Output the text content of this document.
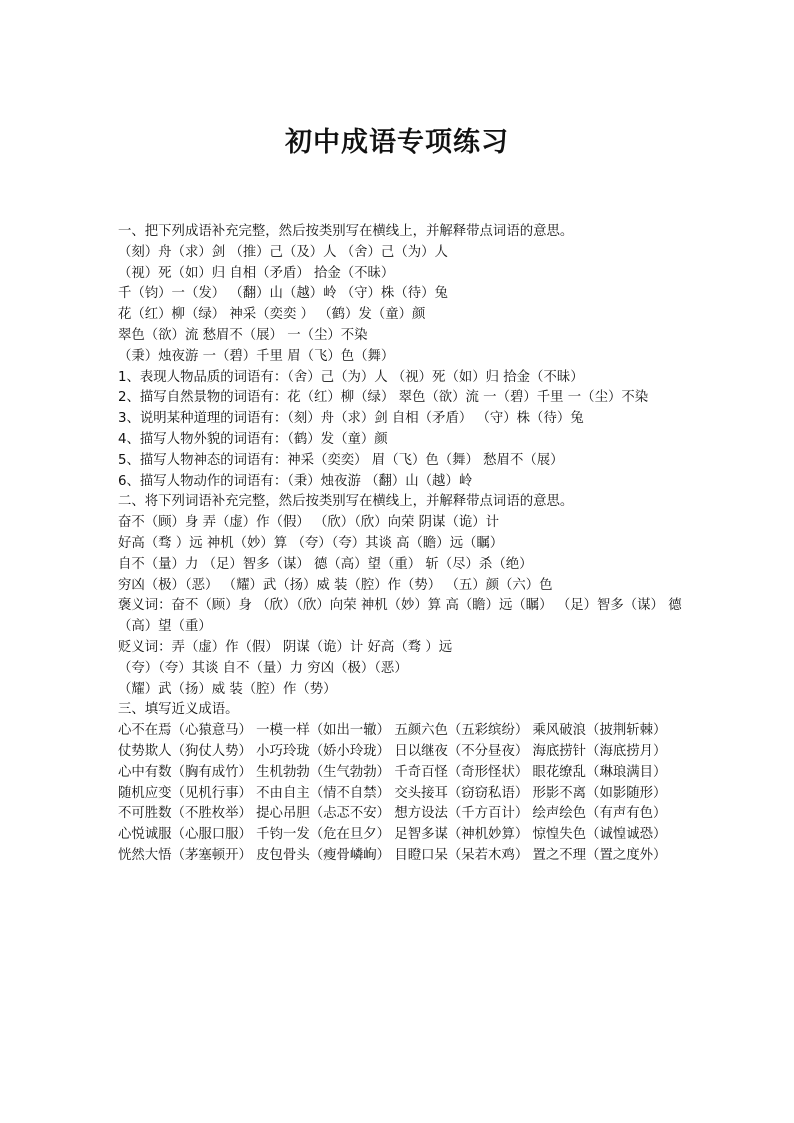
初中成语专项练习

一、把下列成语补充完整，然后按类别写在横线上，并解释带点词语的意思。

（刻）舟（求）剑 （推）己（及）人 （舍）己（为）人

（视）死（如）归 自相（矛盾） 拾金（不昧）

千（钧）一（发） （翻）山（越）岭 （守）株（待）兔

花（红）柳（绿） 神采（奕奕 ） （鹤）发（童）颜

翠色（欲）流 愁眉不（展） 一（尘）不染

（秉）烛夜游 一（碧）千里 眉（飞）色（舞）

1、表现人物品质的词语有：（舍）己（为）人 （视）死（如）归 拾金（不昧）

2、描写自然景物的词语有：花（红）柳（绿） 翠色（欲）流 一（碧）千里 一（尘）不染

3、说明某种道理的词语有：（刻）舟（求）剑 自相（矛盾） （守）株（待）兔

4、描写人物外貌的词语有：（鹤）发（童）颜

5、描写人物神态的词语有：神采（奕奕） 眉（飞）色（舞） 愁眉不（展）

6、描写人物动作的词语有：（秉）烛夜游 （翻）山（越）岭

二、将下列词语补充完整，然后按类别写在横线上，并解释带点词语的意思。

奋不（顾）身 弄（虚）作（假） （欣）（欣）向荣 阴谋（诡）计

好高（骛 ）远 神机（妙）算 （夸）（夸）其谈 高（瞻）远（瞩）

自不（量）力 （足）智多（谋） 德（高）望（重） 斩（尽）杀（绝）

穷凶（极）（恶） （耀）武（扬）威 装（腔）作（势） （五）颜（六）色

褒义词：奋不（顾）身 （欣）（欣）向荣 神机（妙）算 高（瞻）远（瞩） （足）智多（谋） 德（高）望（重）

贬义词：弄（虚）作（假） 阴谋（诡）计 好高（骛 ）远

（夸）（夸）其谈 自不（量）力 穷凶（极）（恶）

（耀）武（扬）威 装（腔）作（势）

三、填写近义成语。

心不在焉（心猿意马） 一模一样（如出一辙） 五颜六色（五彩缤纷） 乘风破浪（披荆斩棘）

仗势欺人（狗仗人势） 小巧玲珑（娇小玲珑） 日以继夜（不分昼夜） 海底捞针（海底捞月）

心中有数（胸有成竹） 生机勃勃（生气勃勃） 千奇百怪（奇形怪状） 眼花缭乱（琳琅满目）

随机应变（见机行事） 不由自主（情不自禁） 交头接耳（窃窃私语） 形影不离（如影随形）

不可胜数（不胜枚举） 提心吊胆（忐忑不安） 想方设法（千方百计） 绘声绘色（有声有色）

心悦诚服（心服口服） 千钧一发（危在旦夕） 足智多谋（神机妙算） 惊惶失色（诚惶诚恐）

恍然大悟（茅塞顿开） 皮包骨头（瘦骨嶙峋） 目瞪口呆（呆若木鸡） 置之不理（置之度外）
